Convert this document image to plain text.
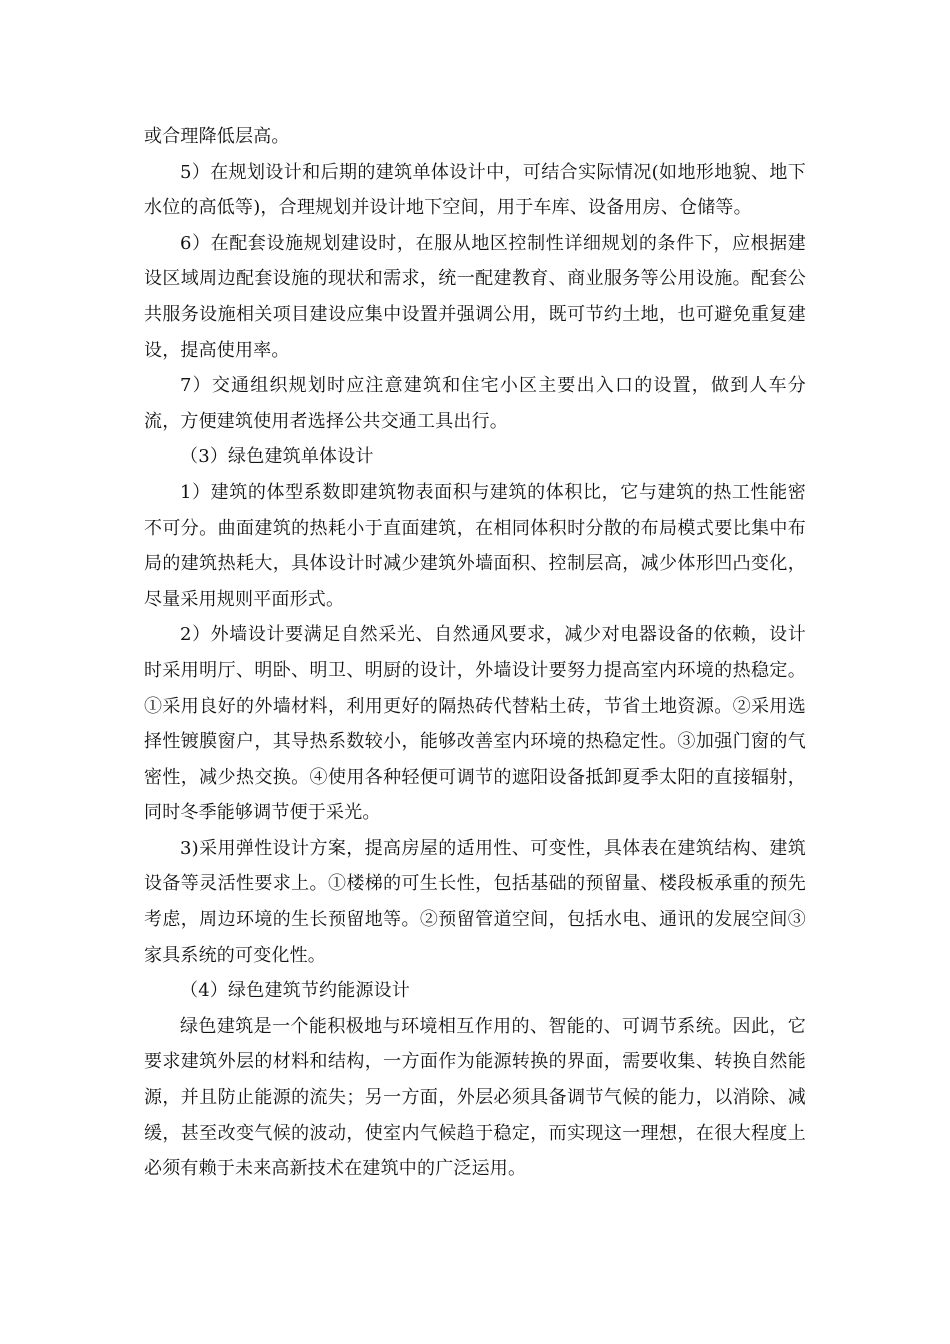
或合理降低层高。

5）在规划设计和后期的建筑单体设计中，可结合实际情况(如地形地貌、地下水位的高低等)，合理规划并设计地下空间，用于车库、设备用房、仓储等。

6）在配套设施规划建设时，在服从地区控制性详细规划的条件下，应根据建设区域周边配套设施的现状和需求，统一配建教育、商业服务等公用设施。配套公共服务设施相关项目建设应集中设置并强调公用，既可节约土地，也可避免重复建设，提高使用率。

7）交通组织规划时应注意建筑和住宅小区主要出入口的设置，做到人车分流，方便建筑使用者选择公共交通工具出行。

（3）绿色建筑单体设计

1）建筑的体型系数即建筑物表面积与建筑的体积比，它与建筑的热工性能密不可分。曲面建筑的热耗小于直面建筑，在相同体积时分散的布局模式要比集中布局的建筑热耗大，具体设计时减少建筑外墙面积、控制层高，减少体形凹凸变化，尽量采用规则平面形式。

2）外墙设计要满足自然采光、自然通风要求，减少对电器设备的依赖，设计时采用明厅、明卧、明卫、明厨的设计，外墙设计要努力提高室内环境的热稳定。①采用良好的外墙材料，利用更好的隔热砖代替粘土砖，节省土地资源。②采用选择性镀膜窗户，其导热系数较小，能够改善室内环境的热稳定性。③加强门窗的气密性，减少热交换。④使用各种轻便可调节的遮阳设备抵卸夏季太阳的直接辐射，同时冬季能够调节便于采光。

3)采用弹性设计方案，提高房屋的适用性、可变性，具体表在建筑结构、建筑设备等灵活性要求上。①楼梯的可生长性，包括基础的预留量、楼段板承重的预先考虑，周边环境的生长预留地等。②预留管道空间，包括水电、通讯的发展空间③家具系统的可变化性。

（4）绿色建筑节约能源设计

绿色建筑是一个能积极地与环境相互作用的、智能的、可调节系统。因此，它要求建筑外层的材料和结构，一方面作为能源转换的界面，需要收集、转换自然能源，并且防止能源的流失；另一方面，外层必须具备调节气候的能力，以消除、减缓，甚至改变气候的波动，使室内气候趋于稳定，而实现这一理想，在很大程度上必须有赖于未来高新技术在建筑中的广泛运用。
